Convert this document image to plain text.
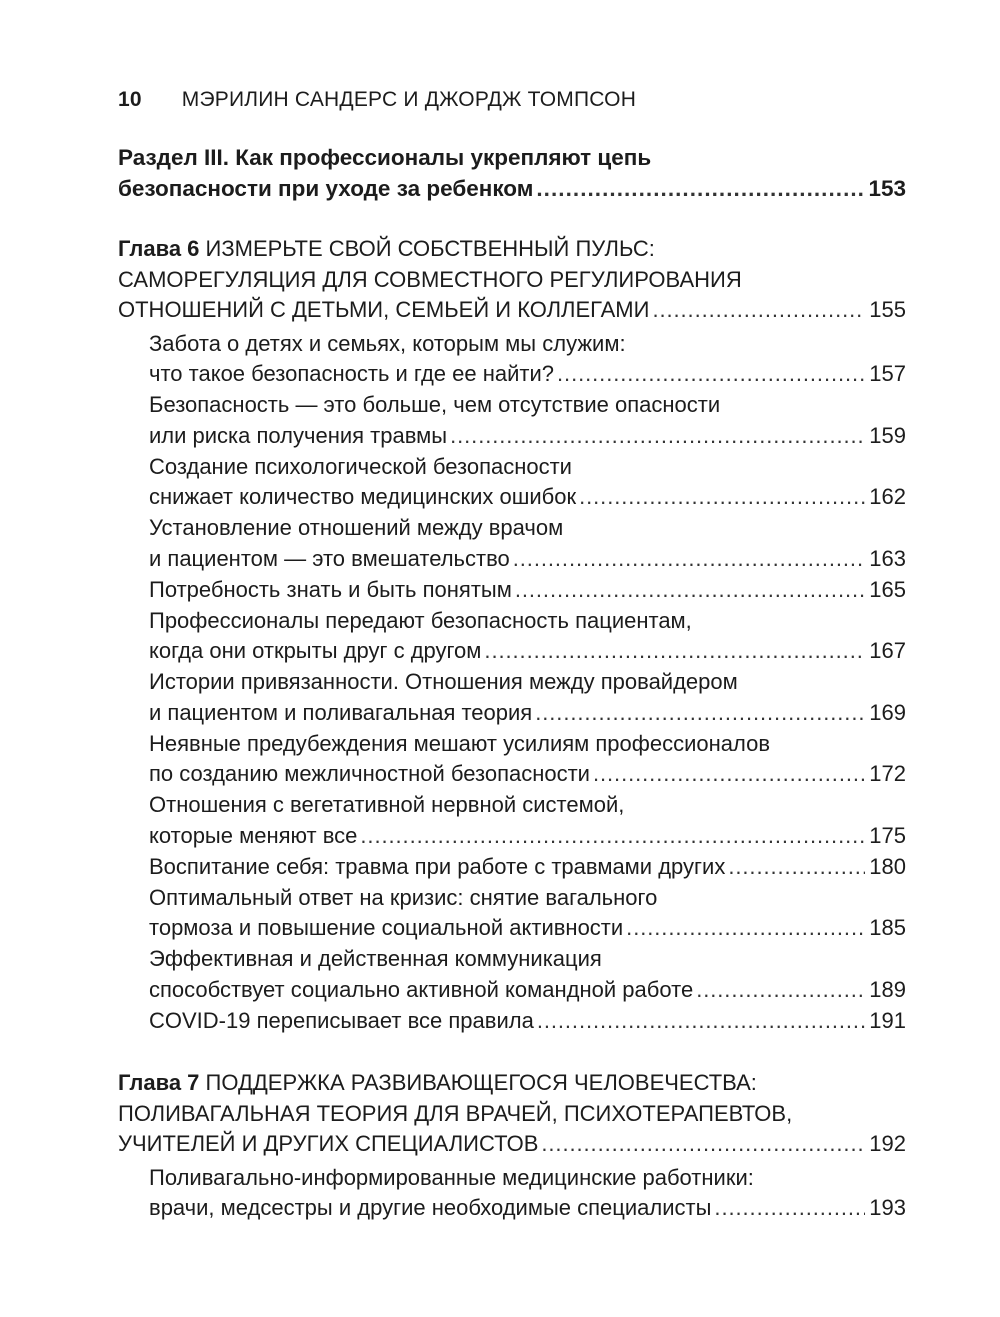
10 МЭРИЛИН САНДЕРС И ДЖОРДЖ ТОМПСОН
Раздел III. Как профессионалы укрепляют цепь
безопасности при уходе за ребенком . . .	153
Глава 6
ИЗМЕРЬТЕ СВОЙ СОБСТВЕННЫЙ ПУЛЬС:
САМОРЕГУЛЯЦИЯ ДЛЯ СОВМЕСТНОГО РЕГУЛИРОВАНИЯ
ОТНОШЕНИЙ С ДЕТЬМИ, СЕМЬЕЙ И КОЛЛЕГАМИ . . .	155
Забота о детях и семьях, которым мы служим:
что такое безопасность и где ее найти? . . .	157
Безопасность — это больше, чем отсутствие опасности
или риска получения травмы . . .	159
Создание психологической безопасности
снижает количество медицинских ошибок . . .	162
Установление отношений между врачом
и пациентом — это вмешательство . . .	163
Потребность знать и быть понятым . . .	165
Профессионалы передают безопасность пациентам,
когда они открыты друг с другом . . .	167
Истории привязанности. Отношения между провайдером
и пациентом и поливагальная теория . . .	169
Неявные предубеждения мешают усилиям профессионалов
по созданию межличностной безопасности . . .	172
Отношения с вегетативной нервной системой,
которые меняют все . . .	175
Воспитание себя: травма при работе с травмами других . . .	180
Оптимальный ответ на кризис: снятие вагального
тормоза и повышение социальной активности . . .	185
Эффективная и действенная коммуникация
способствует социально активной командной работе . . .	189
COVID-19 переписывает все правила . . .	191
Глава 7
ПОДДЕРЖКА РАЗВИВАЮЩЕГОСЯ ЧЕЛОВЕЧЕСТВА:
ПОЛИВАГАЛЬНАЯ ТЕОРИЯ ДЛЯ ВРАЧЕЙ, ПСИХОТЕРАПЕВТОВ,
УЧИТЕЛЕЙ И ДРУГИХ СПЕЦИАЛИСТОВ . . .	192
Поливагально-информированные медицинские работники:
врачи, медсестры и другие необходимые специалисты . . .	193
